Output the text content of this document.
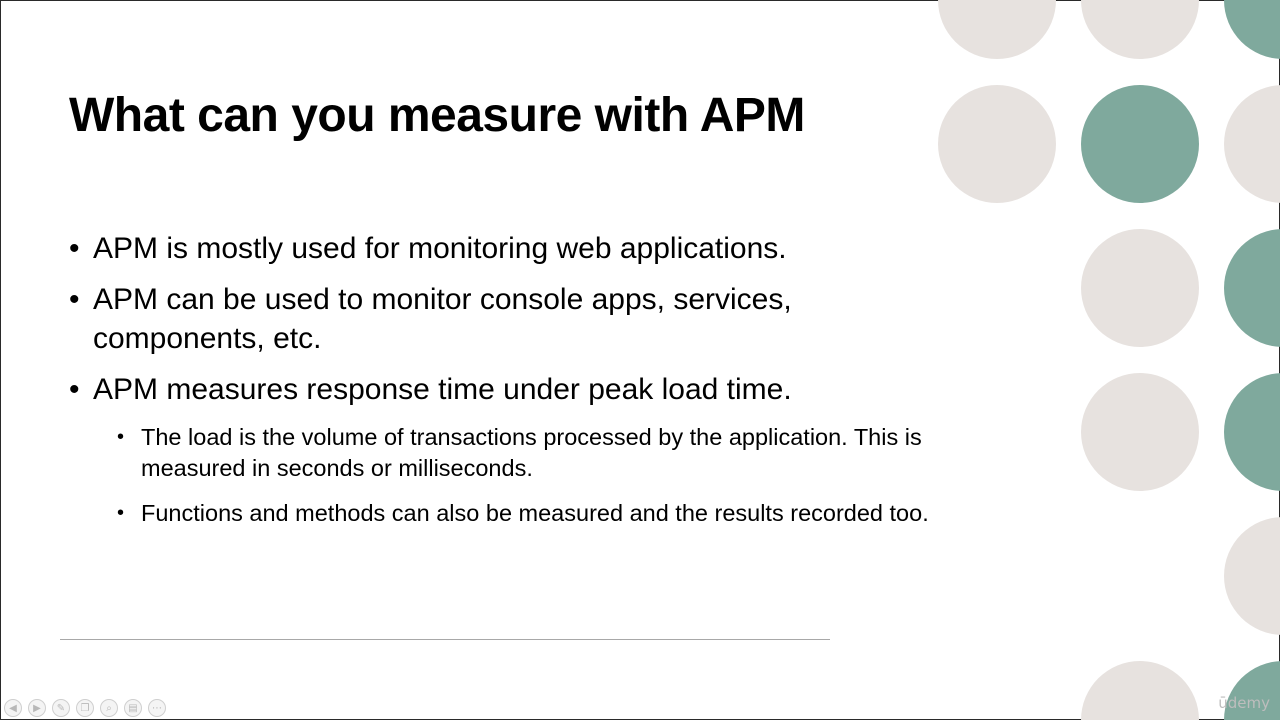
What can you measure with APM
• APM is mostly used for monitoring web applications.
• APM can be used to monitor console apps, services, components, etc.
• APM measures response time under peak load time.
• The load is the volume of transactions processed by the application. This is measured in seconds or milliseconds.
• Functions and methods can also be measured and the results recorded too.
◀	▶	✎	❐	⌕	▤	⋯	ūdemy
